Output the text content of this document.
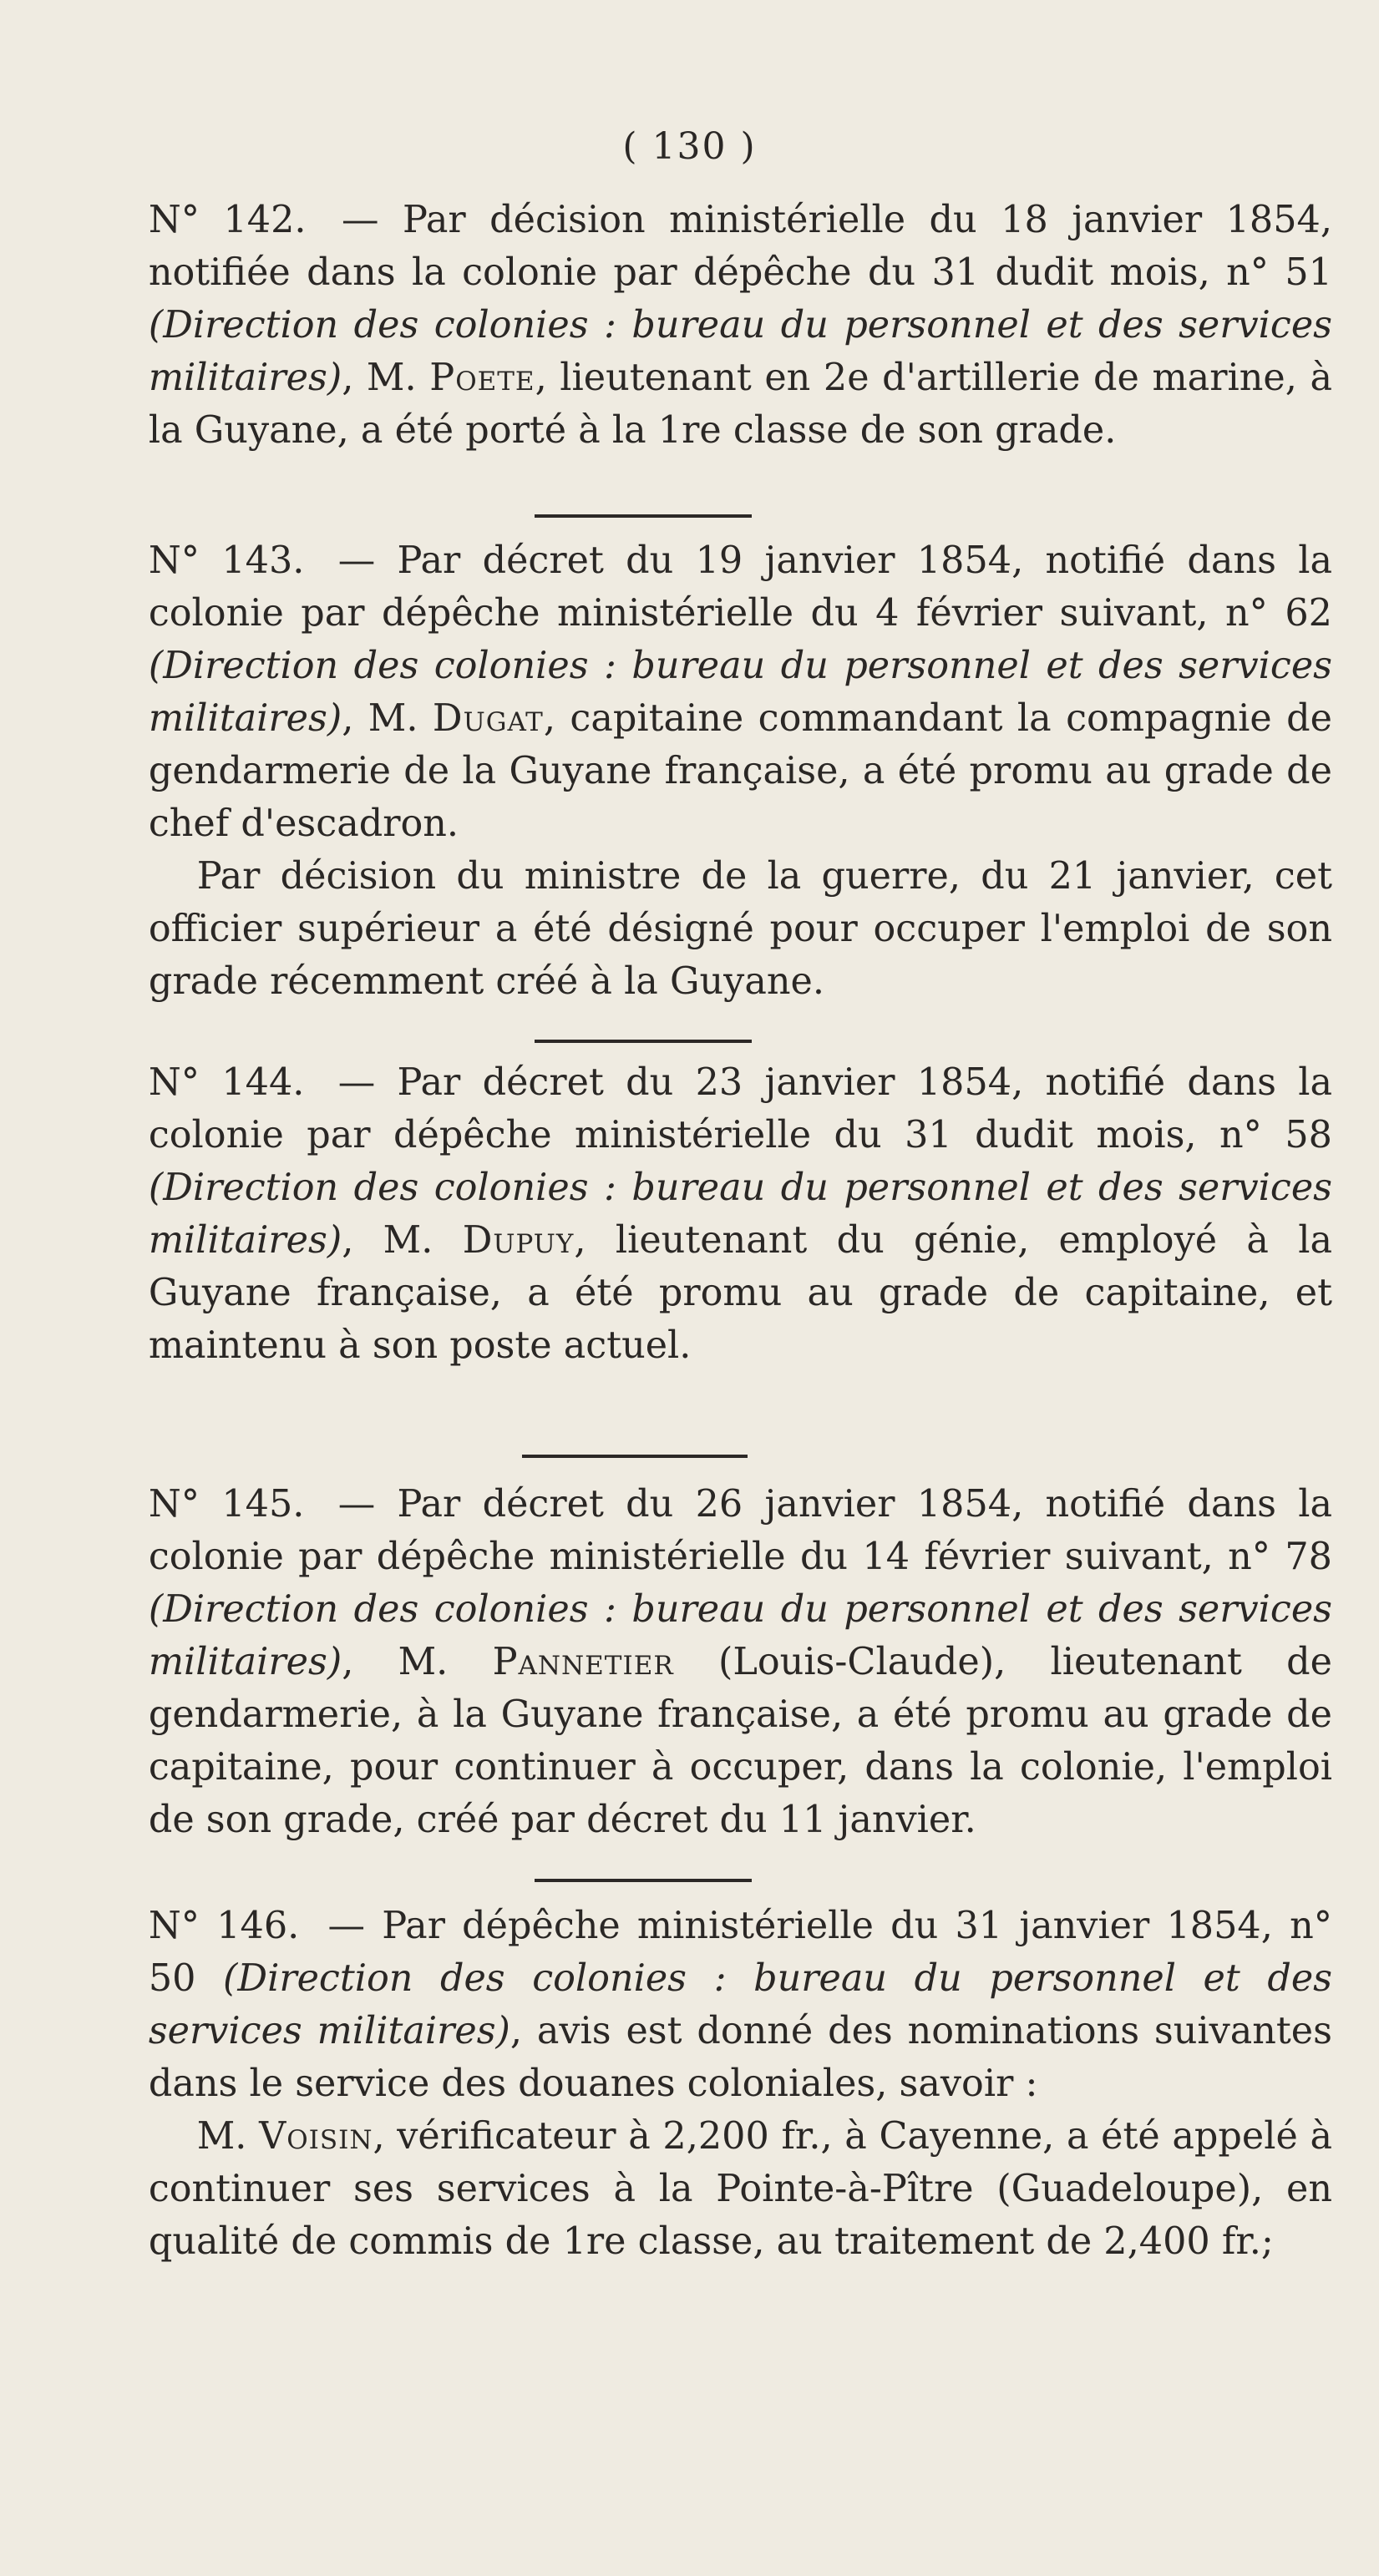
( 130 )

N° 142. — Par décision ministérielle du 18 janvier 1854, notifiée dans la colonie par dépêche du 31 dudit mois, n° 51 (Direction des colonies : bureau du personnel et des services militaires), M. Poete, lieutenant en 2e d'artillerie de marine, à la Guyane, a été porté à la 1re classe de son grade.

N° 143. — Par décret du 19 janvier 1854, notifié dans la colonie par dépêche ministérielle du 4 février suivant, n° 62 (Direction des colonies : bureau du personnel et des services militaires), M. Dugat, capitaine commandant la compagnie de gendarmerie de la Guyane française, a été promu au grade de chef d'escadron.

Par décision du ministre de la guerre, du 21 janvier, cet officier supérieur a été désigné pour occuper l'emploi de son grade récemment créé à la Guyane.

N° 144. — Par décret du 23 janvier 1854, notifié dans la colonie par dépêche ministérielle du 31 dudit mois, n° 58 (Direction des colonies : bureau du personnel et des services militaires), M. Dupuy, lieutenant du génie, employé à la Guyane française, a été promu au grade de capitaine, et maintenu à son poste actuel.

N° 145. — Par décret du 26 janvier 1854, notifié dans la colonie par dépêche ministérielle du 14 février suivant, n° 78 (Direction des colonies : bureau du personnel et des services militaires), M. Pannetier (Louis-Claude), lieutenant de gendarmerie, à la Guyane française, a été promu au grade de capitaine, pour continuer à occuper, dans la colonie, l'emploi de son grade, créé par décret du 11 janvier.

N° 146. — Par dépêche ministérielle du 31 janvier 1854, n° 50 (Direction des colonies : bureau du personnel et des services militaires), avis est donné des nominations suivantes dans le service des douanes coloniales, savoir :

M. Voisin, vérificateur à 2,200 fr., à Cayenne, a été appelé à continuer ses services à la Pointe-à-Pître (Guadeloupe), en qualité de commis de 1re classe, au traitement de 2,400 fr.;
